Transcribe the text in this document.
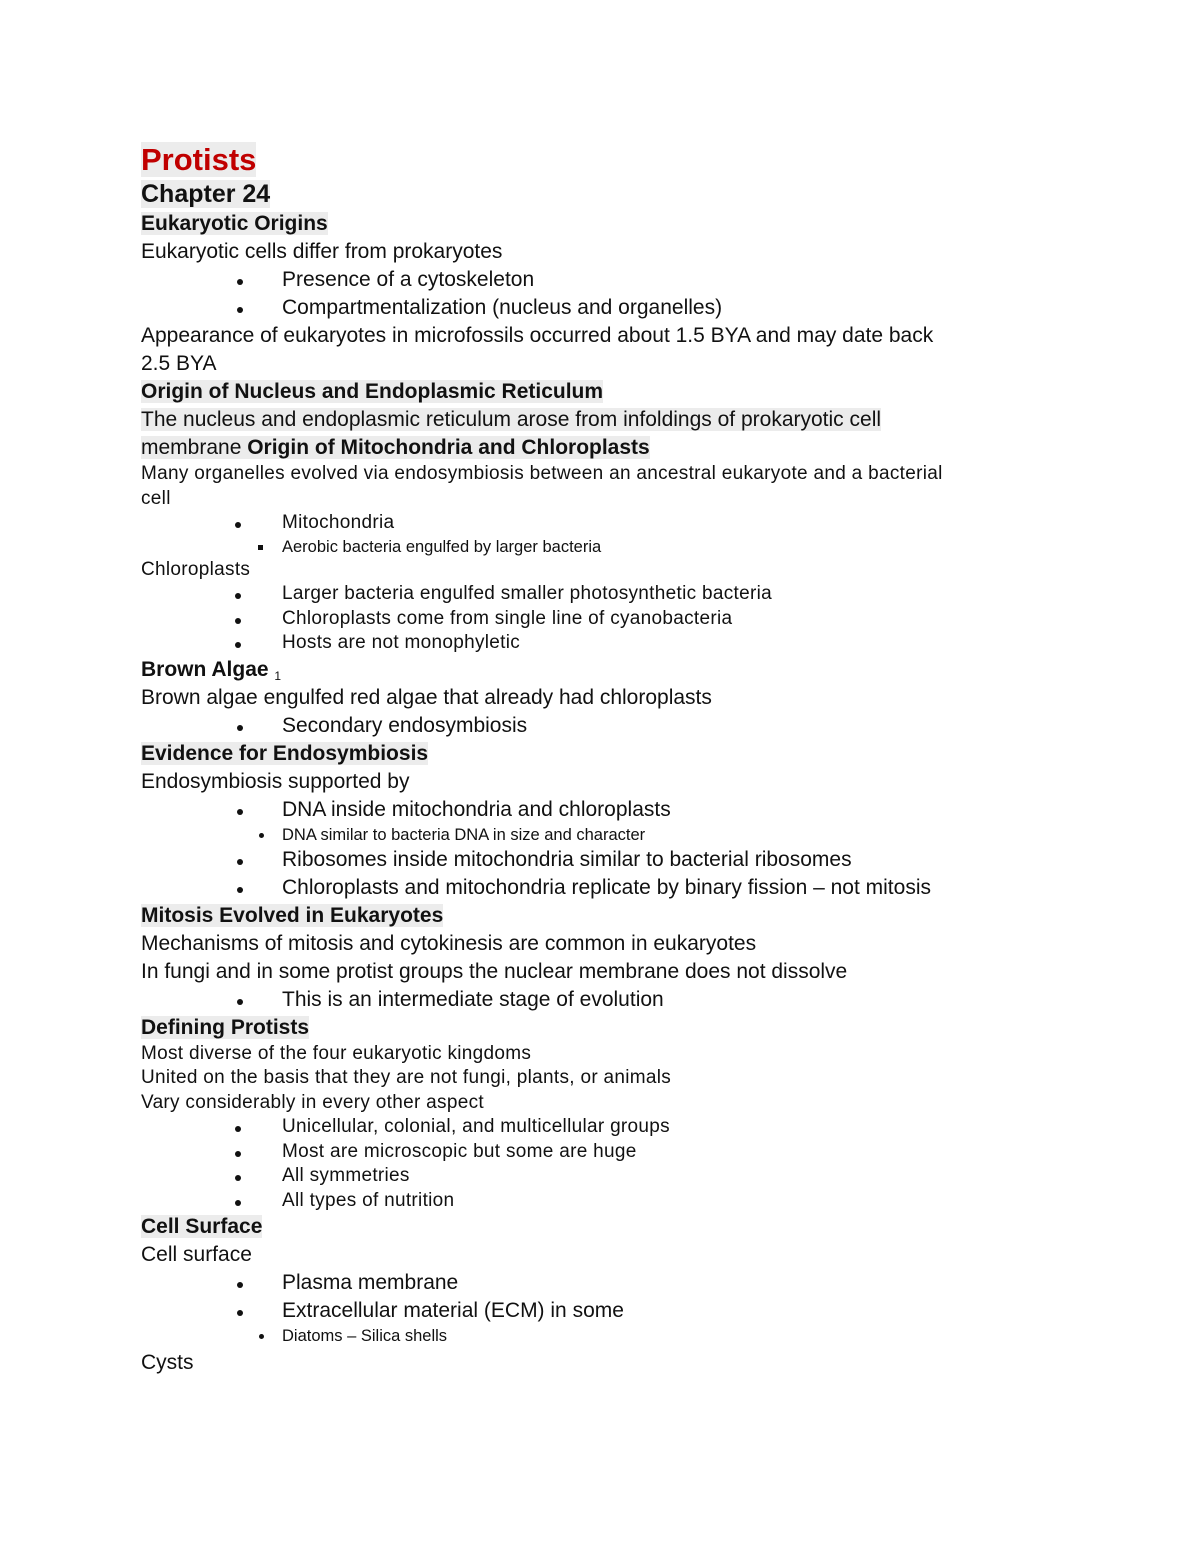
Protists
Chapter 24
Eukaryotic Origins
Eukaryotic cells differ from prokaryotes
Presence of a cytoskeleton
Compartmentalization (nucleus and organelles)
Appearance of eukaryotes in microfossils occurred about 1.5 BYA and may date back
2.5 BYA
Origin of Nucleus and Endoplasmic Reticulum
The nucleus and endoplasmic reticulum arose from infoldings of prokaryotic cell
membrane Origin of Mitochondria and Chloroplasts
Many organelles evolved via endosymbiosis between an ancestral eukaryote and a bacterial
cell
Mitochondria
Aerobic bacteria engulfed by larger bacteria
Chloroplasts
Larger bacteria engulfed smaller photosynthetic bacteria
Chloroplasts come from single line of cyanobacteria
Hosts are not monophyletic
Brown Algae $_1$
Brown algae engulfed red algae that already had chloroplasts
Secondary endosymbiosis
Evidence for Endosymbiosis
Endosymbiosis supported by
DNA inside mitochondria and chloroplasts
DNA similar to bacteria DNA in size and character
Ribosomes inside mitochondria similar to bacterial ribosomes
Chloroplasts and mitochondria replicate by binary fission – not mitosis
Mitosis Evolved in Eukaryotes
Mechanisms of mitosis and cytokinesis are common in eukaryotes
In fungi and in some protist groups the nuclear membrane does not dissolve
This is an intermediate stage of evolution
Defining Protists
Most diverse of the four eukaryotic kingdoms
United on the basis that they are not fungi, plants, or animals
Vary considerably in every other aspect
Unicellular, colonial, and multicellular groups
Most are microscopic but some are huge
All symmetries
All types of nutrition
Cell Surface
Cell surface
Plasma membrane
Extracellular material (ECM) in some
Diatoms – Silica shells
Cysts
